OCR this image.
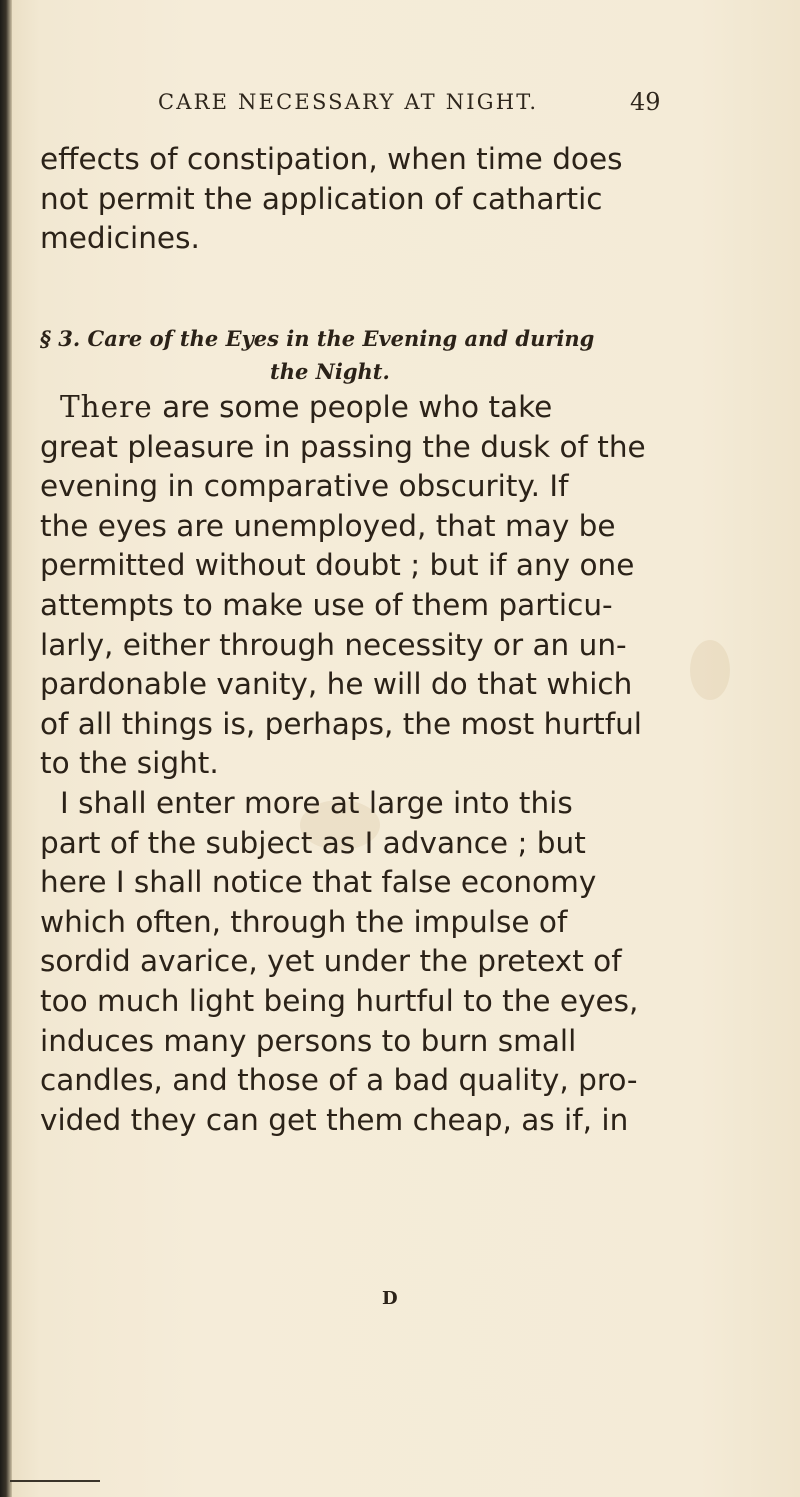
CARE NECESSARY AT NIGHT.	49
effects of constipation, when time does
not permit the application of cathartic
medicines.
§ 3. Care of the Eyes in the Evening and during
the Night.
There are some people who take
great pleasure in passing the dusk of the
evening in comparative obscurity. If
the eyes are unemployed, that may be
permitted without doubt ; but if any one
attempts to make use of them particu-
larly, either through necessity or an un-
pardonable vanity, he will do that which
of all things is, perhaps, the most hurtful
to the sight.
I shall enter more at large into this
part of the subject as I advance ; but
here I shall notice that false economy
which often, through the impulse of
sordid avarice, yet under the pretext of
too much light being hurtful to the eyes,
induces many persons to burn small
candles, and those of a bad quality, pro-
vided they can get them cheap, as if, in
D
